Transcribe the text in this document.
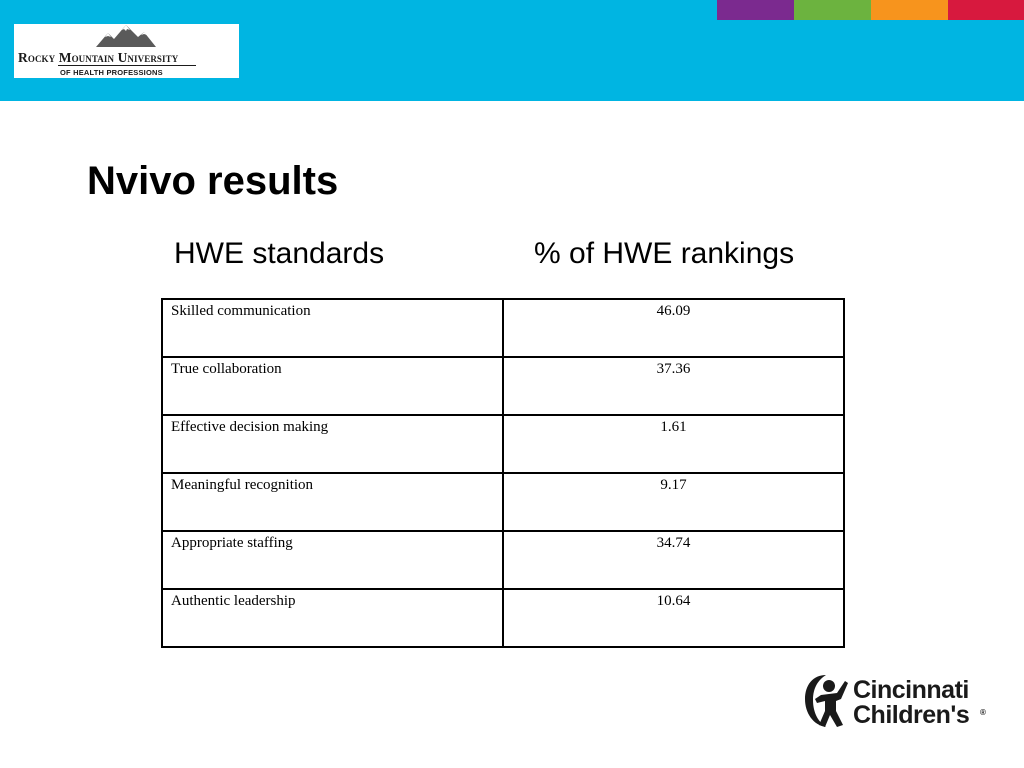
Rocky Mountain University
OF HEALTH PROFESSIONS
Nvivo results
HWE standards	% of HWE rankings
Skilled communication	46.09
True collaboration	37.36
Effective decision making	1.61
Meaningful recognition	9.17
Appropriate staffing	34.74
Authentic leadership	10.64
Cincinnati
Children's ®
